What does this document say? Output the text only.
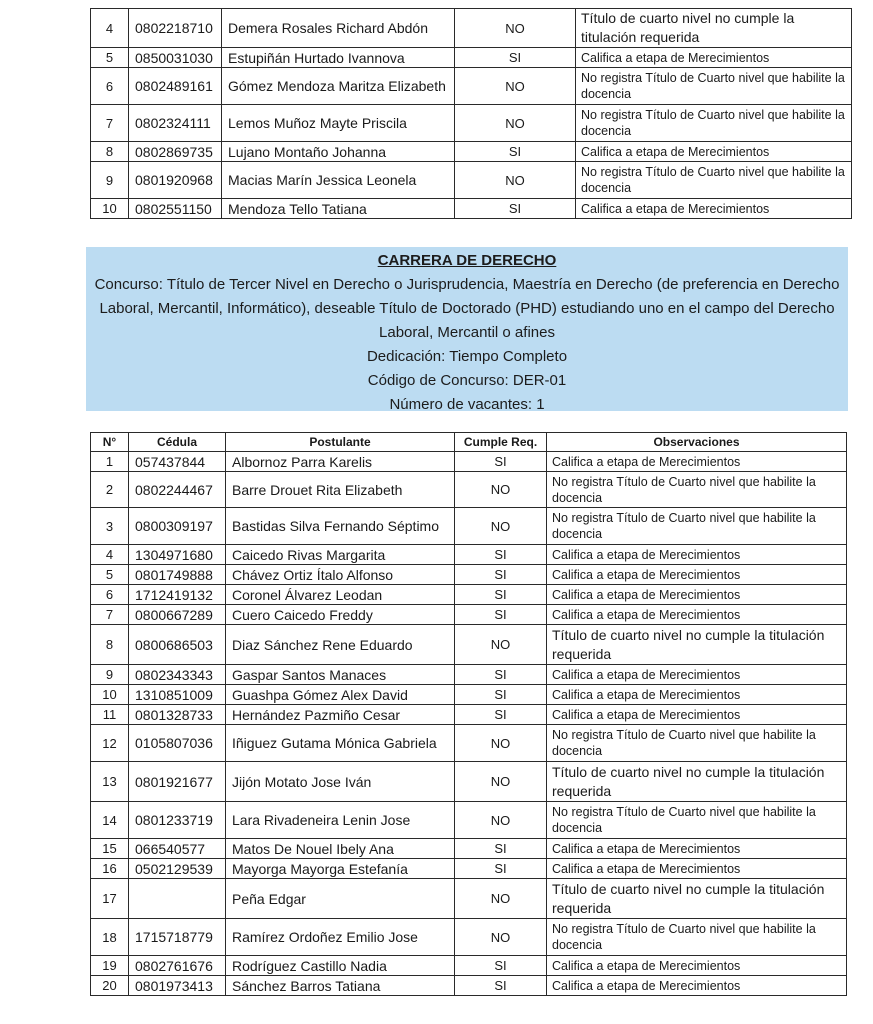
4	0802218710	Demera Rosales Richard Abdón	NO	Título de cuarto nivel no cumple la titulación requerida
5	0850031030	Estupiñán Hurtado Ivannova	SI	Califica a etapa de Merecimientos
6	0802489161	Gómez Mendoza Maritza Elizabeth	NO	No registra Título de Cuarto nivel que habilite la docencia
7	0802324111	Lemos Muñoz Mayte Priscila	NO	No registra Título de Cuarto nivel que habilite la docencia
8	0802869735	Lujano Montaño Johanna	SI	Califica a etapa de Merecimientos
9	0801920968	Macias Marín Jessica Leonela	NO	No registra Título de Cuarto nivel que habilite la docencia
10	0802551150	Mendoza Tello Tatiana	SI	Califica a etapa de Merecimientos
CARRERA DE DERECHO
Concurso: Título de Tercer Nivel en Derecho o Jurisprudencia, Maestría en Derecho (de preferencia en Derecho Laboral, Mercantil, Informático), deseable Título de Doctorado (PHD) estudiando uno en el campo del Derecho Laboral, Mercantil o afines
Dedicación: Tiempo Completo
Código de Concurso: DER-01
Número de vacantes: 1
N°	Cédula	Postulante	Cumple Req.	Observaciones
1	057437844	Albornoz Parra Karelis	SI	Califica a etapa de Merecimientos
2	0802244467	Barre Drouet Rita Elizabeth	NO	No registra Título de Cuarto nivel que habilite la docencia
3	0800309197	Bastidas Silva Fernando Séptimo	NO	No registra Título de Cuarto nivel que habilite la docencia
4	1304971680	Caicedo Rivas Margarita	SI	Califica a etapa de Merecimientos
5	0801749888	Chávez Ortiz Ítalo Alfonso	SI	Califica a etapa de Merecimientos
6	1712419132	Coronel Álvarez Leodan	SI	Califica a etapa de Merecimientos
7	0800667289	Cuero Caicedo Freddy	SI	Califica a etapa de Merecimientos
8	0800686503	Diaz Sánchez Rene Eduardo	NO	Título de cuarto nivel no cumple la titulación requerida
9	0802343343	Gaspar Santos Manaces	SI	Califica a etapa de Merecimientos
10	1310851009	Guashpa Gómez Alex David	SI	Califica a etapa de Merecimientos
11	0801328733	Hernández Pazmiño Cesar	SI	Califica a etapa de Merecimientos
12	0105807036	Iñiguez Gutama Mónica Gabriela	NO	No registra Título de Cuarto nivel que habilite la docencia
13	0801921677	Jijón Motato Jose Iván	NO	Título de cuarto nivel no cumple la titulación requerida
14	0801233719	Lara Rivadeneira Lenin Jose	NO	No registra Título de Cuarto nivel que habilite la docencia
15	066540577	Matos De Nouel Ibely Ana	SI	Califica a etapa de Merecimientos
16	0502129539	Mayorga Mayorga Estefanía	SI	Califica a etapa de Merecimientos
17		Peña Edgar	NO	Título de cuarto nivel no cumple la titulación requerida
18	1715718779	Ramírez Ordoñez Emilio Jose	NO	No registra Título de Cuarto nivel que habilite la docencia
19	0802761676	Rodríguez Castillo Nadia	SI	Califica a etapa de Merecimientos
20	0801973413	Sánchez Barros Tatiana	SI	Califica a etapa de Merecimientos
